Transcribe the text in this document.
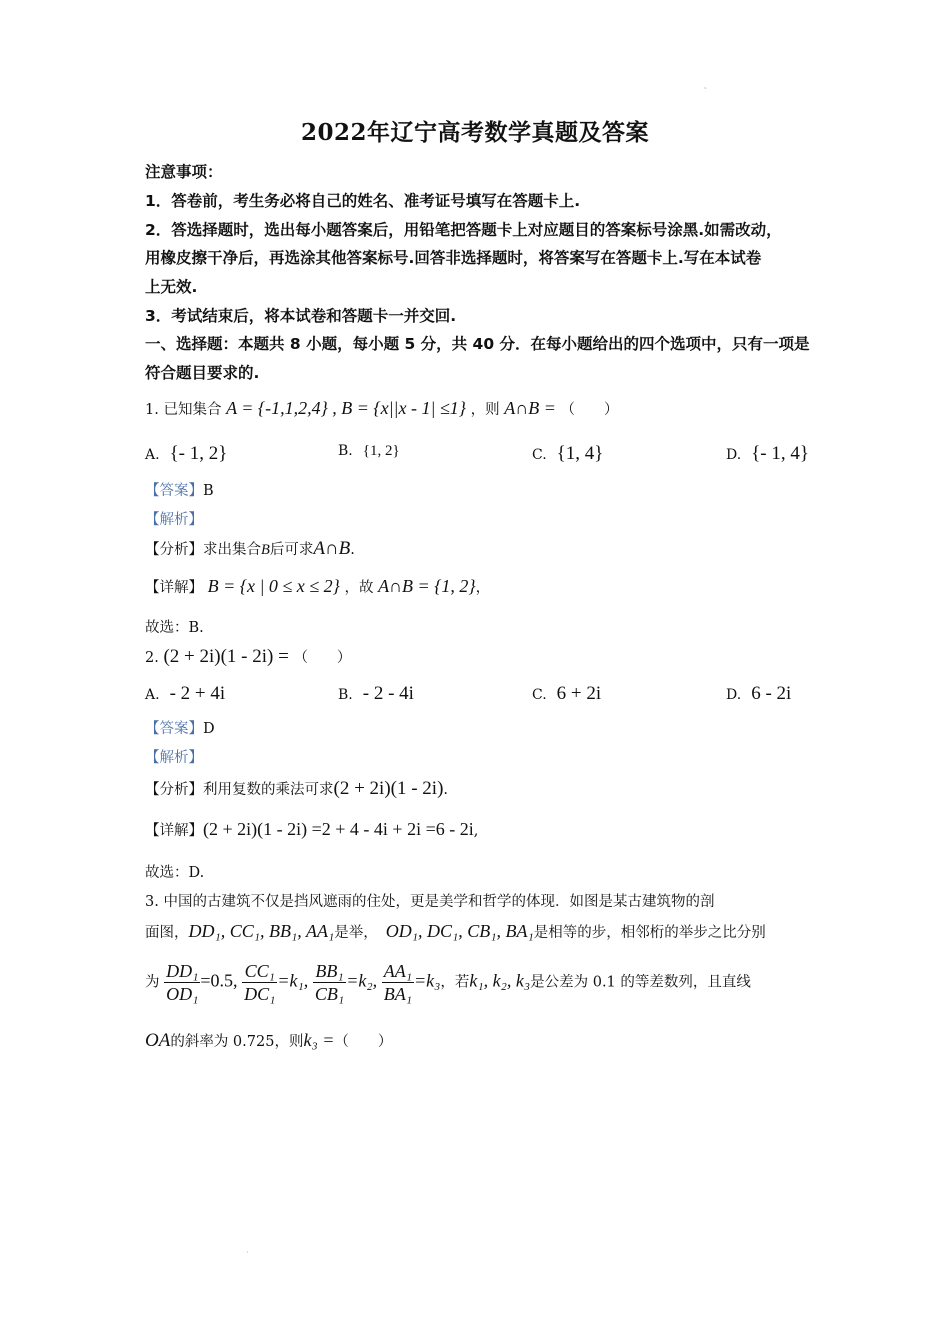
˜
2022年辽宁高考数学真题及答案
注意事项：
1．答卷前，考生务必将自己的姓名、准考证号填写在答题卡上.
2．答选择题时，选出每小题答案后，用铅笔把答题卡上对应题目的答案标号涂黑.如需改动，
用橡皮擦干净后，再选涂其他答案标号.回答非选择题时，将答案写在答题卡上.写在本试卷
上无效.
3．考试结束后，将本试卷和答题卡一并交回.
一、选择题：本题共 8 小题，每小题 5 分，共 40 分．在每小题给出的四个选项中，只有一项是
符合题目要求的.
1. 已知集合 A = {-1,1,2,4} , B = {x||x - 1| ≤1} ，则 A∩B = （　　）
A. {- 1, 2}	B. {1, 2}	C. {1, 4}	D. {- 1, 4}
【答案】B
【解析】
【分析】求出集合B后可求A∩B.
【详解】 B = {x | 0 ≤ x ≤ 2} ，故 A∩B = {1, 2}，
故选：B.
2. (2 + 2i)(1 - 2i) = （　　）
A. - 2 + 4i	B. - 2 - 4i	C. 6 + 2i	D. 6 - 2i
【答案】D
【解析】
【分析】利用复数的乘法可求(2 + 2i)(1 - 2i).
【详解】(2 + 2i)(1 - 2i) =2 + 4 - 4i + 2i =6 - 2i,
故选：D.
3. 中国的古建筑不仅是挡风遮雨的住处，更是美学和哲学的体现．如图是某古建筑物的剖
面图，DD₁, CC₁, BB₁, AA₁是举， OD₁, DC₁, CB₁, BA₁是相等的步，相邻桁的举步之比分别
为 $\frac{\text{DD₁}}{\text{OD₁}} =0.5$, $\frac{\text{CC₁}}{\text{DC₁}} =k_1$, $\frac{\text{BB₁}}{\text{CB₁}} =k_2$, $\frac{\text{AA₁}}{\text{BA₁}} =k_3$，若k₁, k₂, k₃是公差为 0.1 的等差数列，且直线
OA的斜率为 0.725，则k₃ =（　　）
·
